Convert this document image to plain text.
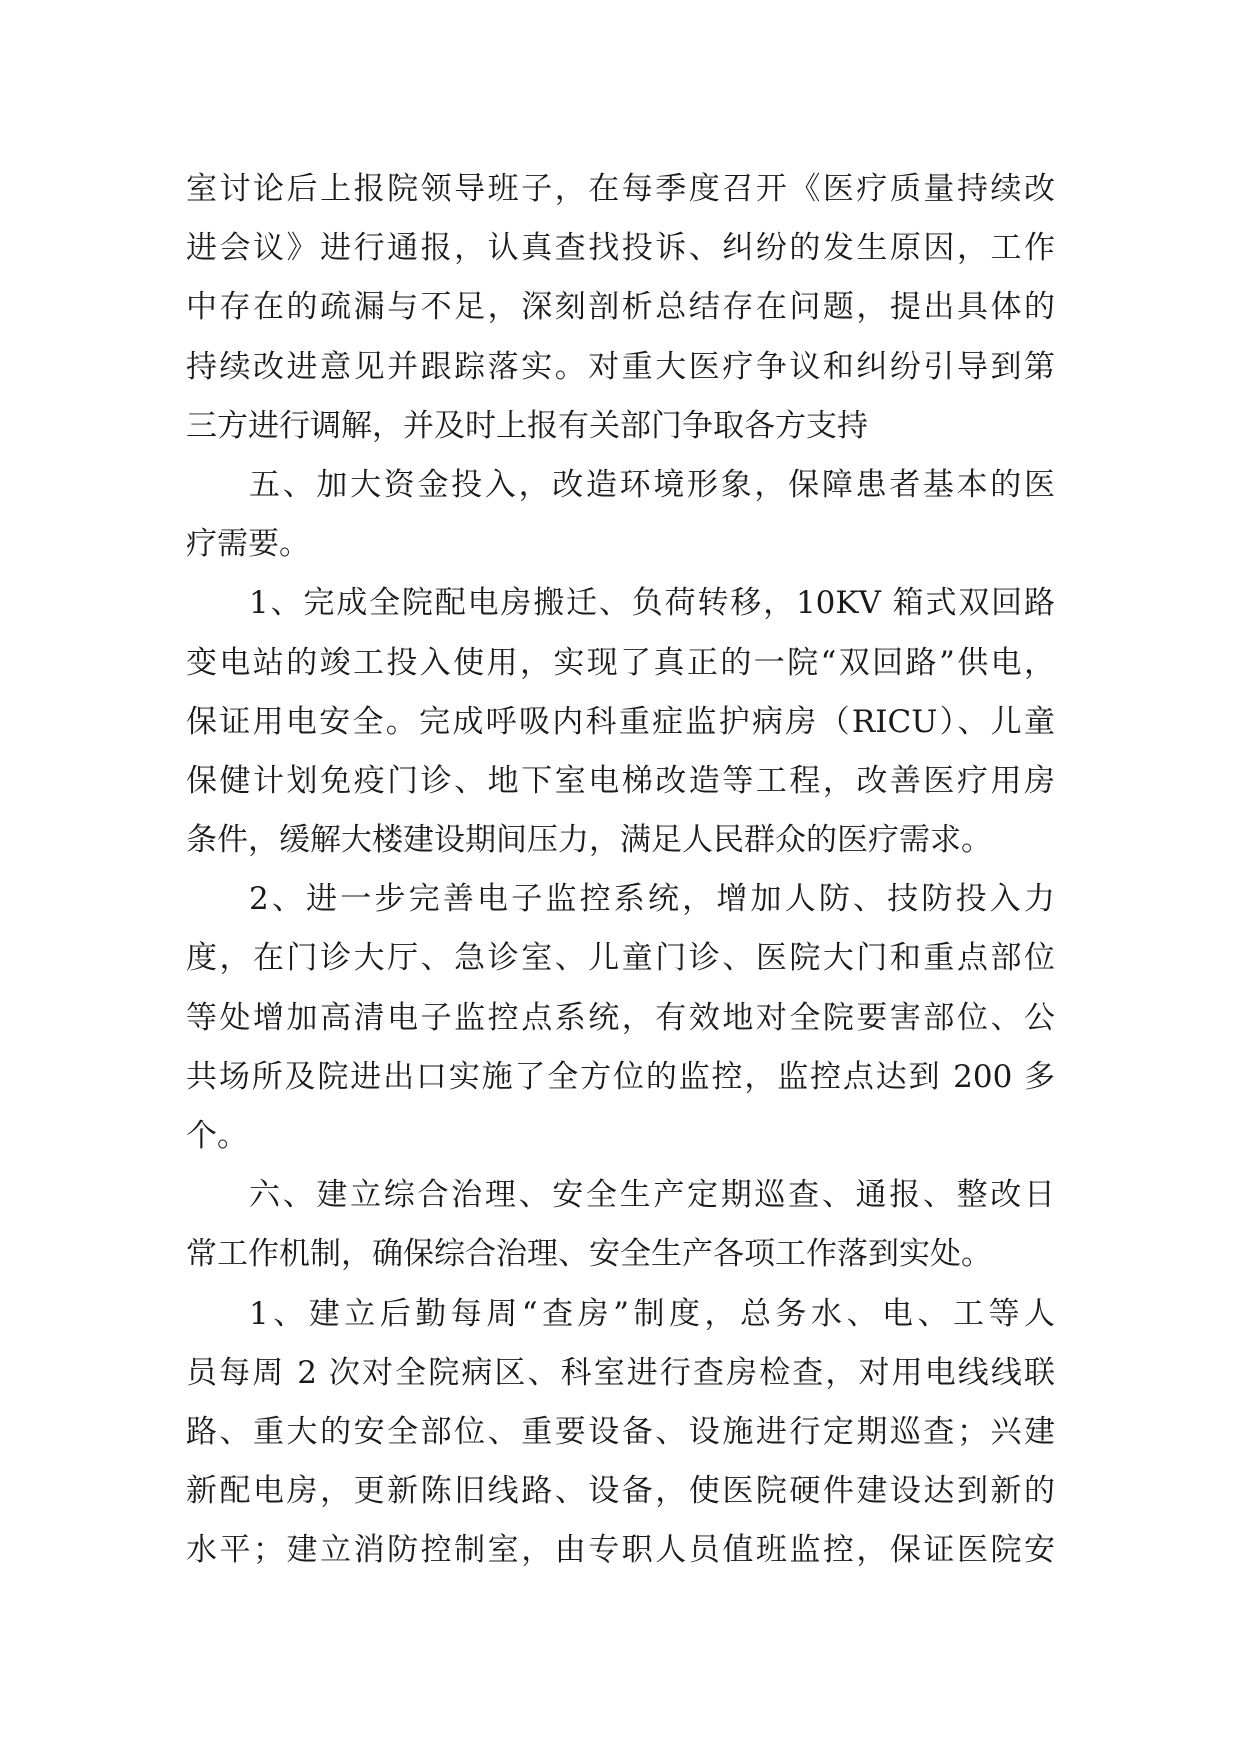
室讨论后上报院领导班子，在每季度召开《医疗质量持续改
进会议》进行通报，认真查找投诉、纠纷的发生原因，工作
中存在的疏漏与不足，深刻剖析总结存在问题，提出具体的
持续改进意见并跟踪落实。对重大医疗争议和纠纷引导到第
三方进行调解，并及时上报有关部门争取各方支持
五、加大资金投入，改造环境形象，保障患者基本的医
疗需要。
1、完成全院配电房搬迁、负荷转移，10KV 箱式双回路
变电站的竣工投入使用，实现了真正的一院“双回路”供电，
保证用电安全。完成呼吸内科重症监护病房（RICU）、儿童
保健计划免疫门诊、地下室电梯改造等工程，改善医疗用房
条件，缓解大楼建设期间压力，满足人民群众的医疗需求。
2、进一步完善电子监控系统，增加人防、技防投入力
度，在门诊大厅、急诊室、儿童门诊、医院大门和重点部位
等处增加高清电子监控点系统，有效地对全院要害部位、公
共场所及院进出口实施了全方位的监控，监控点达到 200 多
个。
六、建立综合治理、安全生产定期巡查、通报、整改日
常工作机制，确保综合治理、安全生产各项工作落到实处。
1、建立后勤每周“查房”制度，总务水、电、工等人
员每周 2 次对全院病区、科室进行查房检查，对用电线线联
路、重大的安全部位、重要设备、设施进行定期巡查；兴建
新配电房，更新陈旧线路、设备，使医院硬件建设达到新的
水平；建立消防控制室，由专职人员值班监控，保证医院安
